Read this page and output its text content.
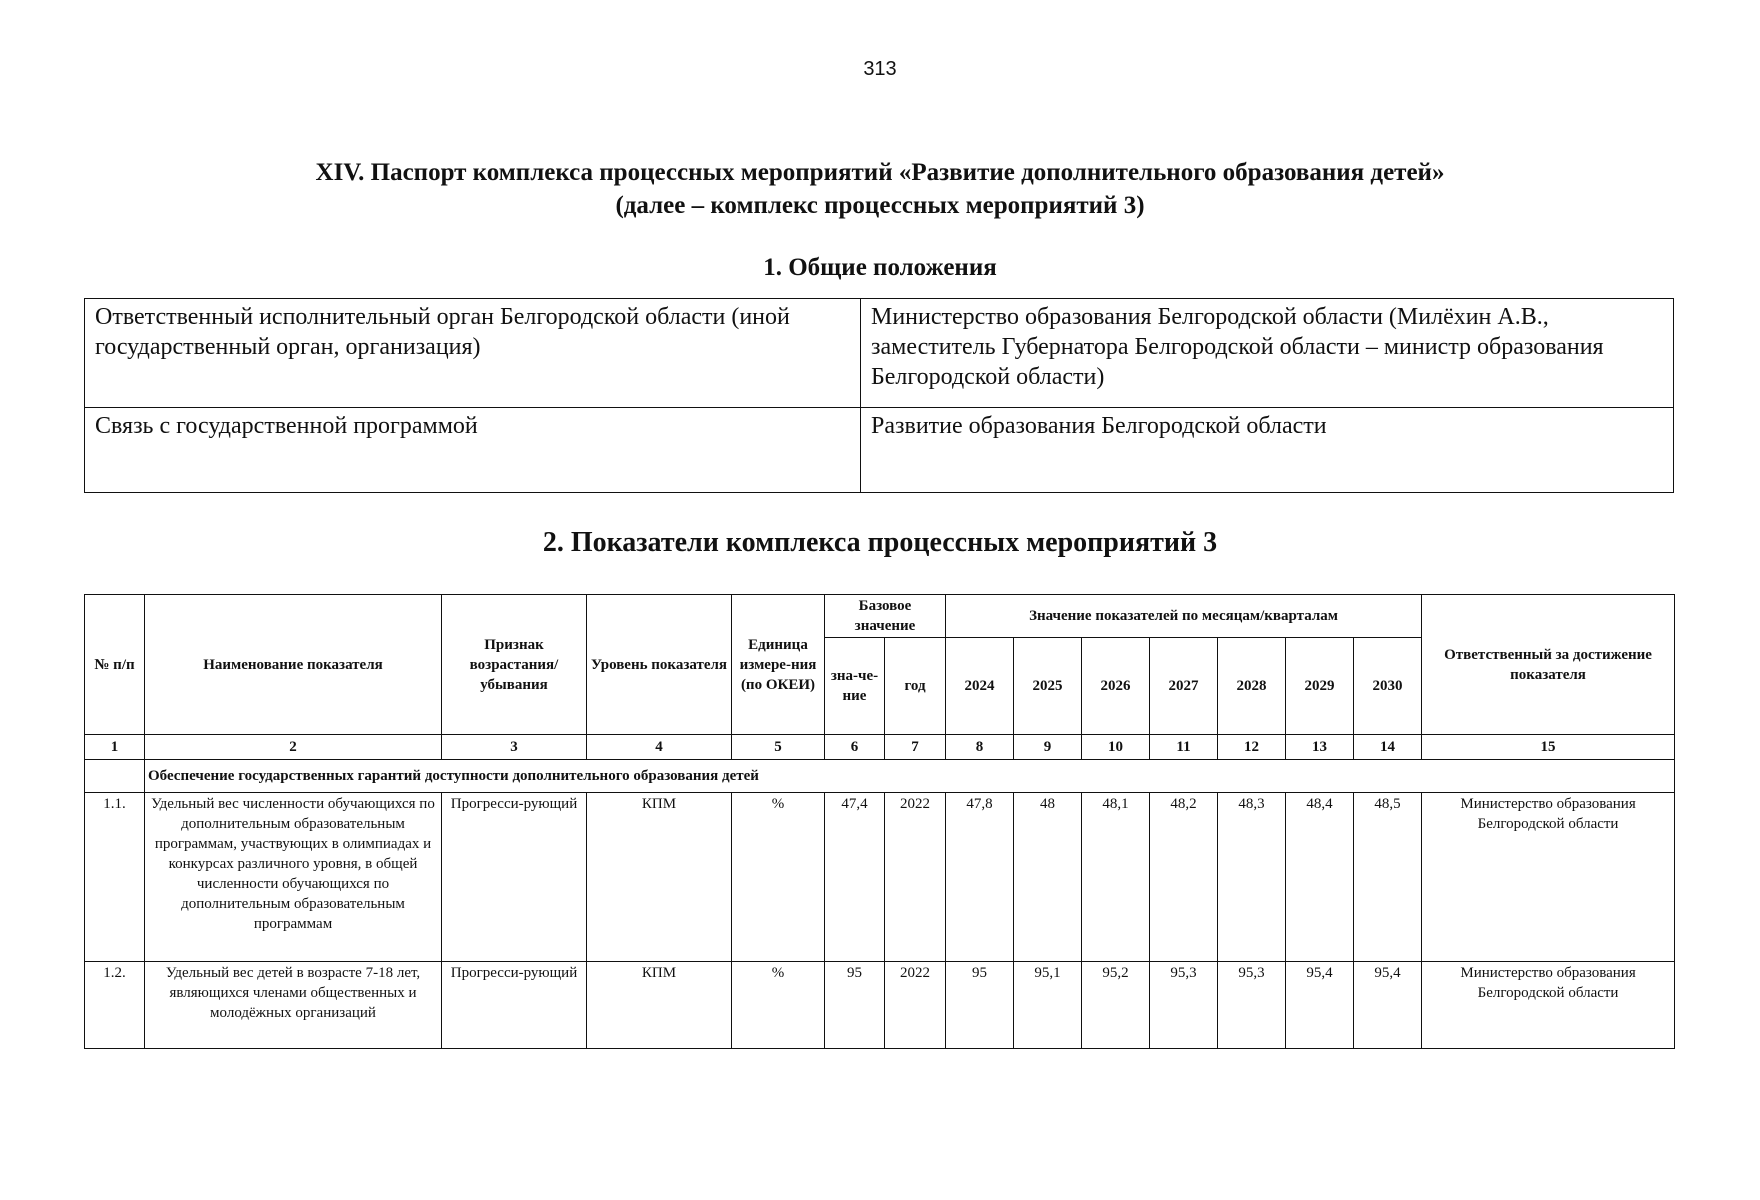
313
XIV. Паспорт комплекса процессных мероприятий «Развитие дополнительного образования детей»
(далее – комплекс процессных мероприятий 3)
1. Общие положения
Ответственный исполнительный орган Белгородской области (иной государственный орган, организация)	Министерство образования Белгородской области (Милёхин А.В., заместитель Губернатора Белгородской области – министр образования Белгородской области)
Связь с государственной программой	Развитие образования Белгородской области
2. Показатели комплекса процессных мероприятий 3
№ п/п	Наименование показателя	Признак возрастания/ убывания	Уровень показателя	Единица измере-ния (по ОКЕИ)	Базовое значение		Значение показателей по месяцам/кварталам							Ответственный за достижение показателя
					зна-че-ние	год	2024	2025	2026	2027	2028	2029	2030	
1	2	3	4	5	6	7	8	9	10	11	12	13	14	15
	Обеспечение государственных гарантий доступности дополнительного образования детей													
1.1.	Удельный вес численности обучающихся по дополнительным образовательным программам, участвующих в олимпиадах и конкурсах различного уровня, в общей численности обучающихся по дополнительным образовательным программам	Прогресси-рующий	КПМ	%	47,4	2022	47,8	48	48,1	48,2	48,3	48,4	48,5	Министерство образования Белгородской области
1.2.	Удельный вес детей в возрасте 7-18 лет, являющихся членами общественных и молодёжных организаций	Прогресси-рующий	КПМ	%	95	2022	95	95,1	95,2	95,3	95,3	95,4	95,4	Министерство образования Белгородской области
